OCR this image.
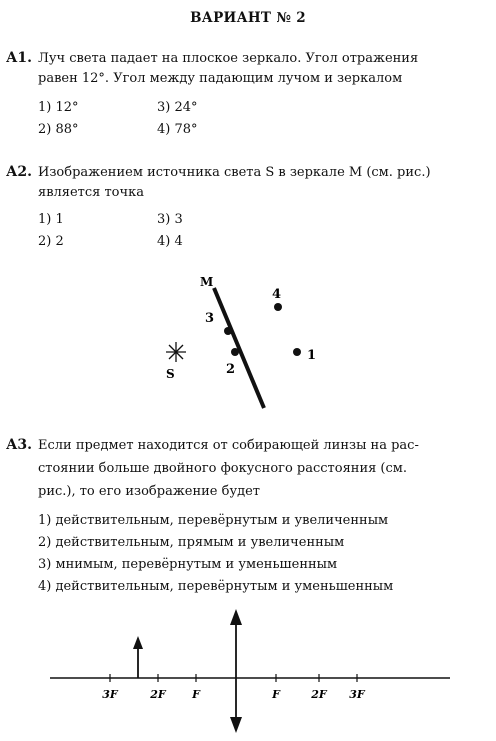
ВАРИАНТ № 2
А1. Луч света падает на плоское зеркало. Угол отражения
равен 12°. Угол между падающим лучом и зеркалом
1) 12°	3) 24°
2) 88°	4) 78°
А2. Изображением источника света S в зеркале M (см. рис.)
является точка
1) 1	3) 3
2) 2	4) 4
M
S
3
2
4
1
А3. Если предмет находится от собирающей линзы на рас-
стоянии больше двойного фокусного расстояния (см.
рис.), то его изображение будет
1) действительным, перевёрнутым и увеличенным
2) действительным, прямым и увеличенным
3) мнимым, перевёрнутым и уменьшенным
4) действительным, перевёрнутым и уменьшенным
3F	2F F	F	2F 3F
